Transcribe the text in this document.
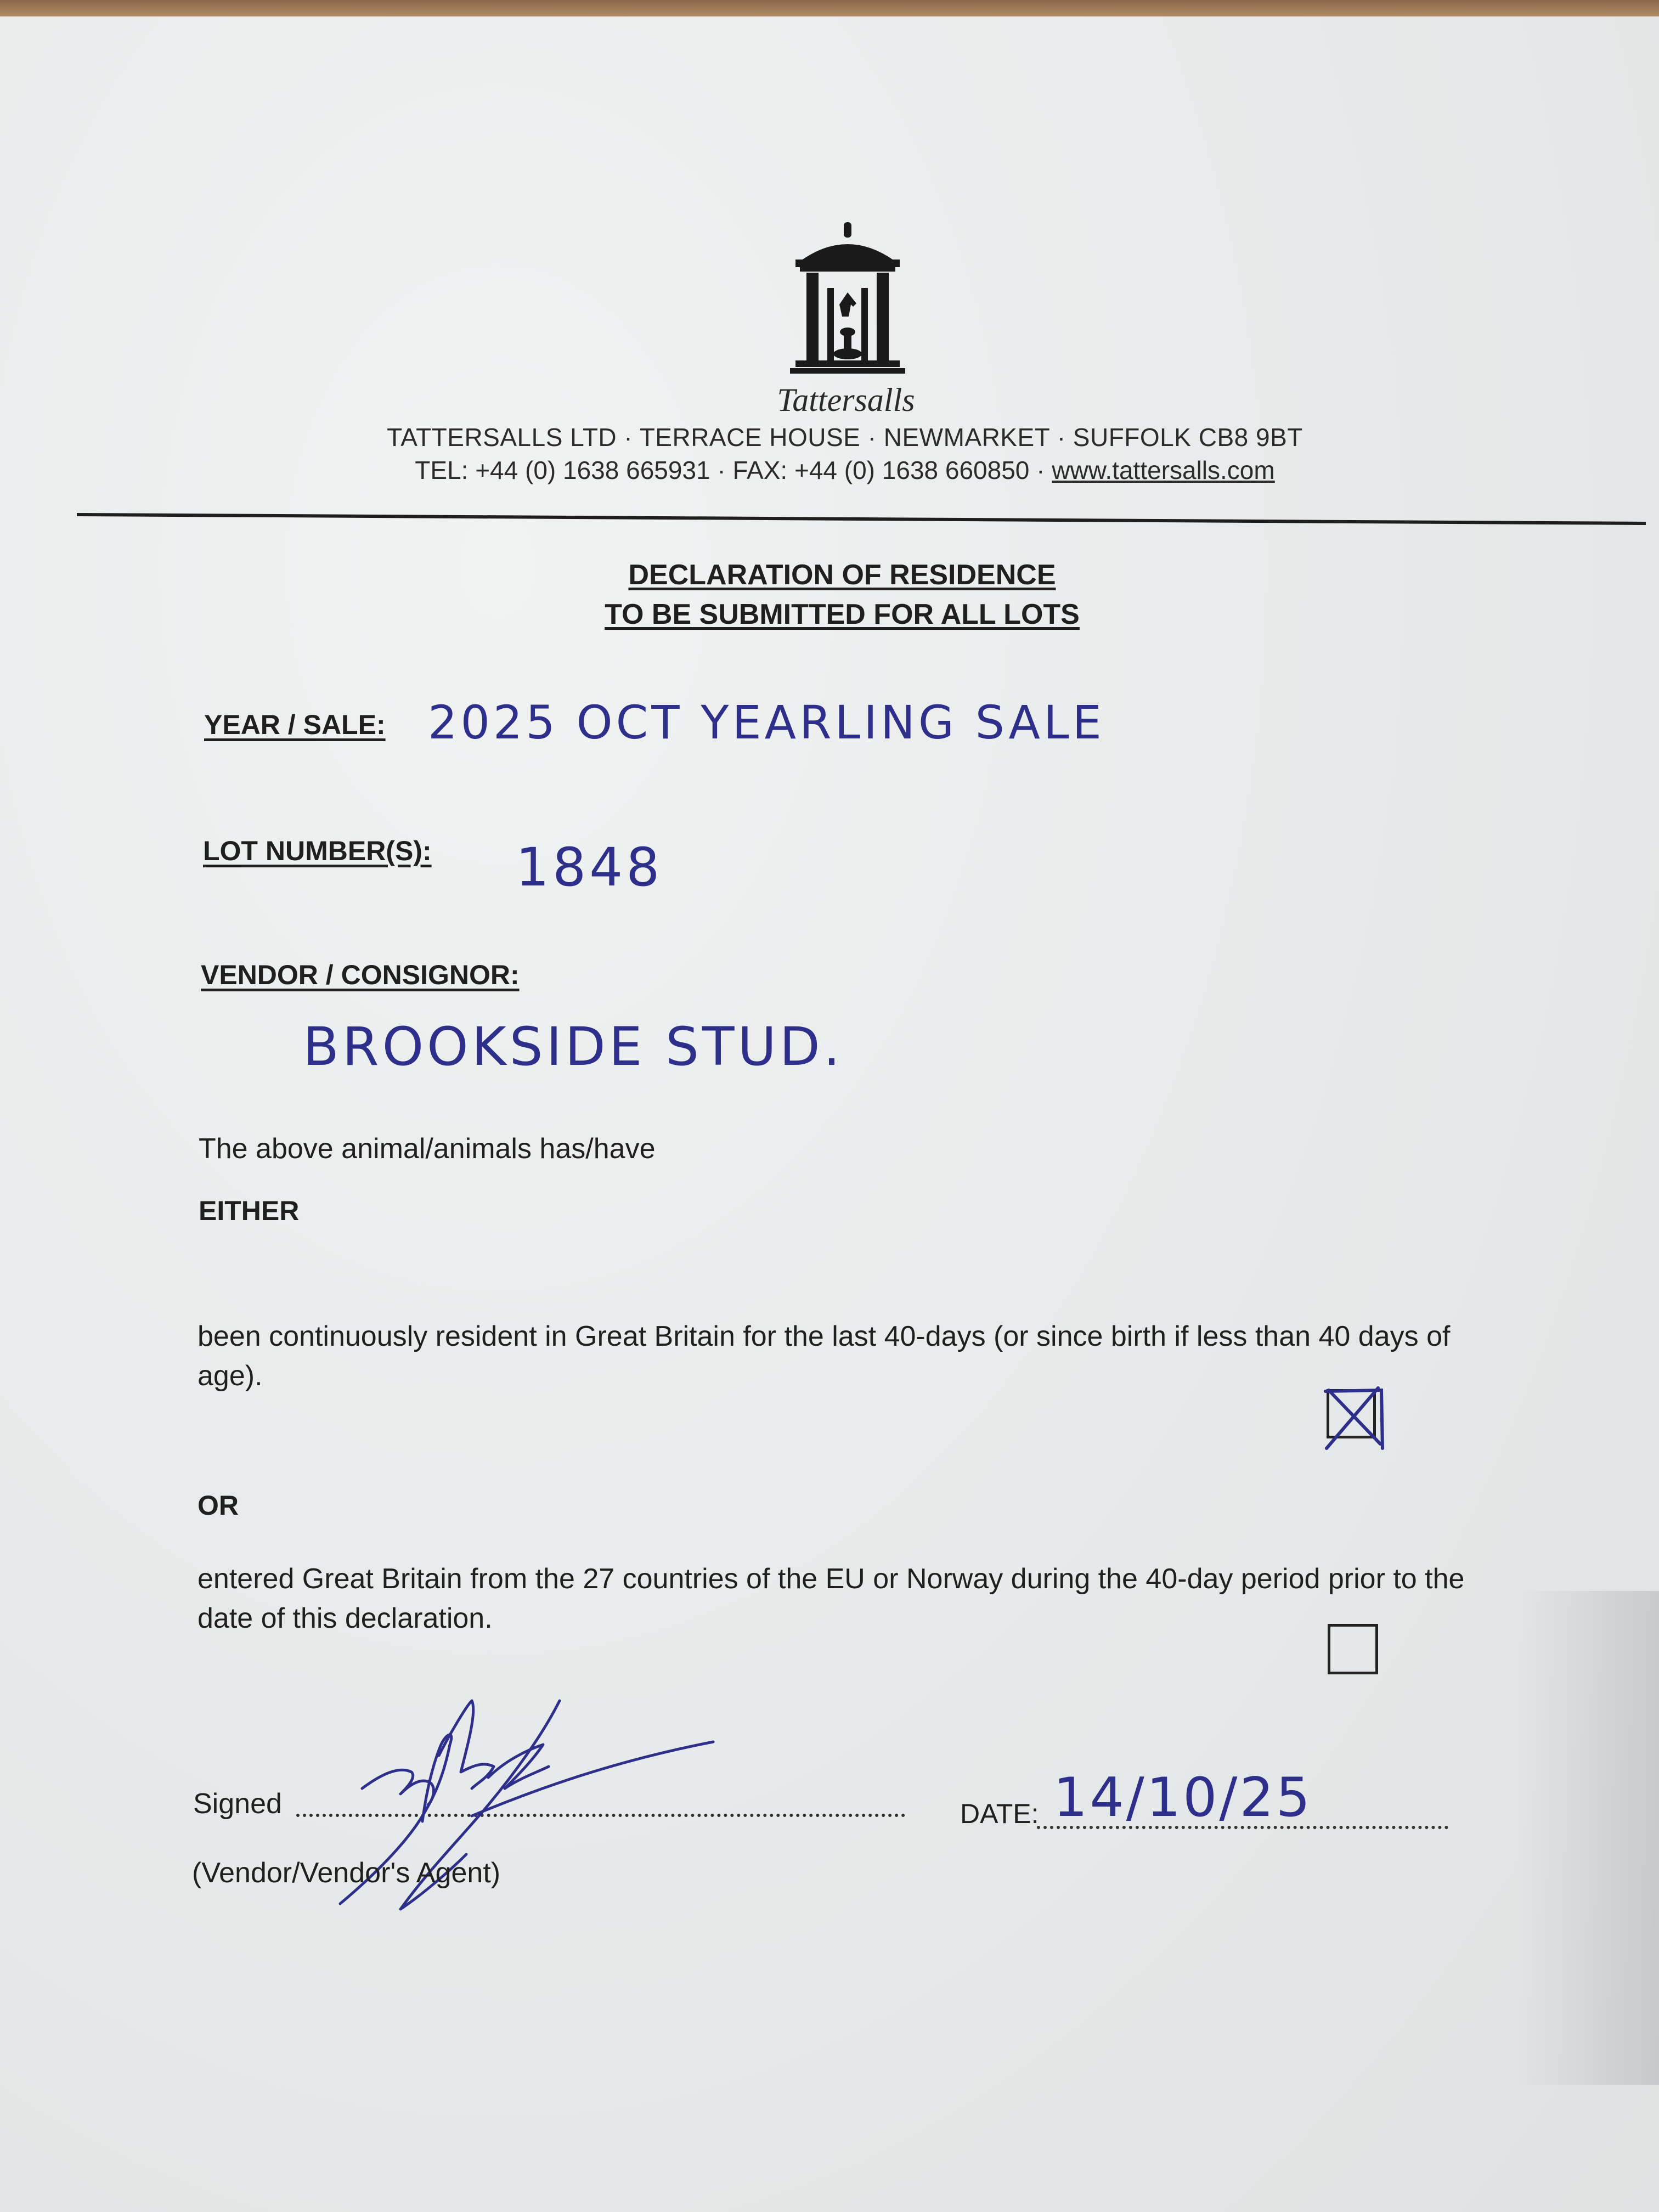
Tattersalls
TATTERSALLS LTD · TERRACE HOUSE · NEWMARKET · SUFFOLK CB8 9BT
TEL: +44 (0) 1638 665931 · FAX: +44 (0) 1638 660850 · www.tattersalls.com
DECLARATION OF RESIDENCE
TO BE SUBMITTED FOR ALL LOTS
YEAR / SALE: 2025 OCT YEARLING SALE
LOT NUMBER(S): 1848
VENDOR / CONSIGNOR:
BROOKSIDE STUD.
The above animal/animals has/have
EITHER
been continuously resident in Great Britain for the last 40-days (or since birth if less than 40 days of age).
OR
entered Great Britain from the 27 countries of the EU or Norway during the 40-day period prior to the date of this declaration.
Signed
(Vendor/Vendor's Agent)
DATE: 14/10/25
